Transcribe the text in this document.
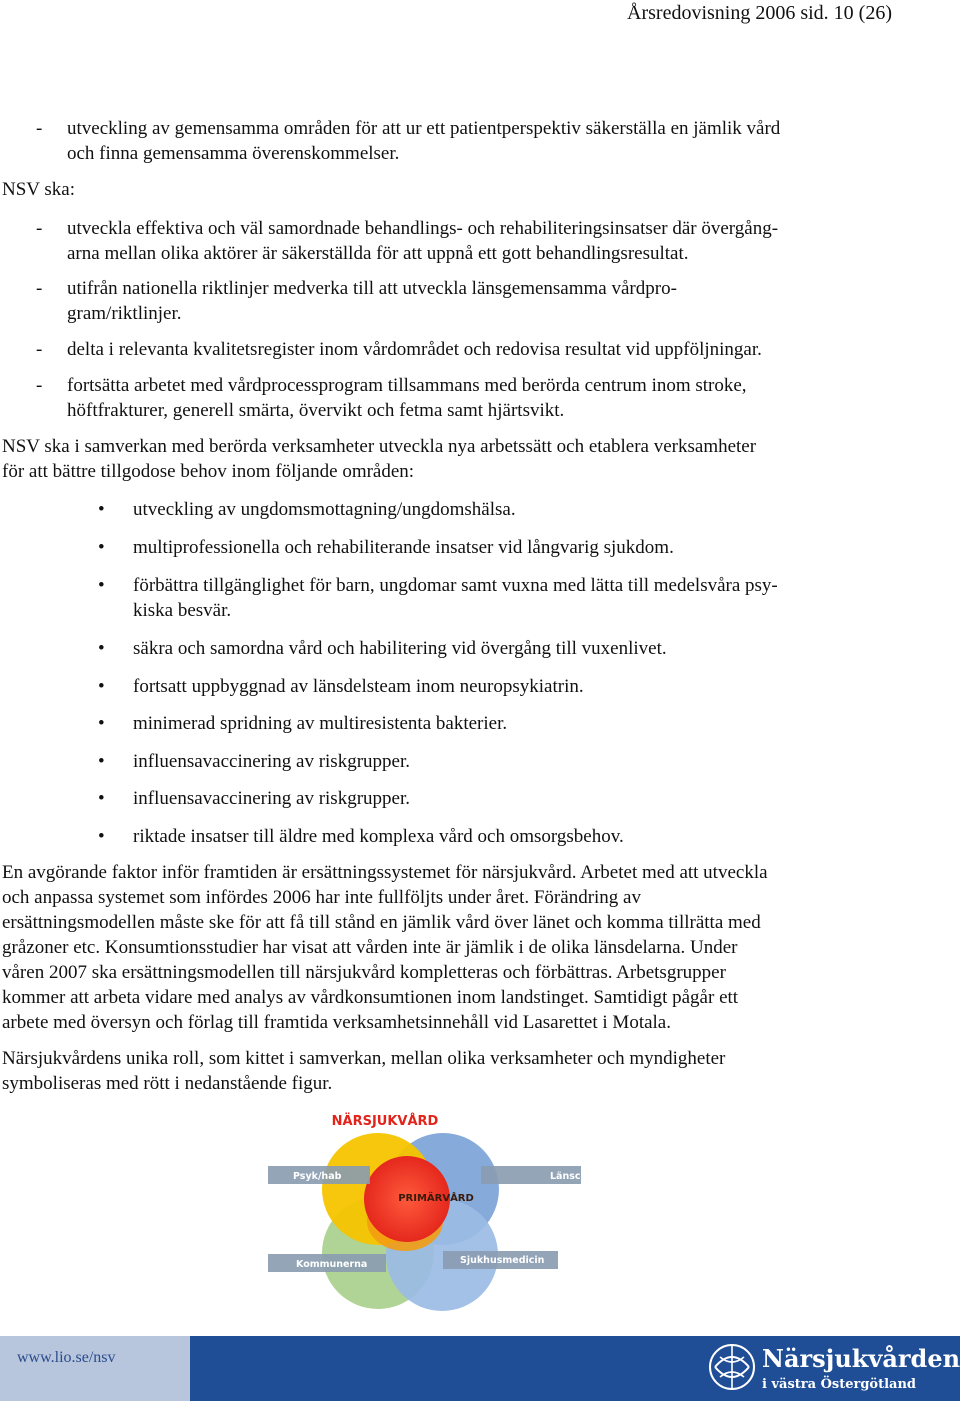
Årsredovisning 2006 sid. 10 (26)
- utveckling av gemensamma områden för att ur ett patientperspektiv säkerställa en jämlik vård
och finna gemensamma överenskommelser.
NSV ska:
- utveckla effektiva och väl samordnade behandlings- och rehabiliteringsinsatser där övergång-
arna mellan olika aktörer är säkerställda för att uppnå ett gott behandlingsresultat.
- utifrån nationella riktlinjer medverka till att utveckla länsgemensamma vårdpro-
gram/riktlinjer.
- delta i relevanta kvalitetsregister inom vårdområdet och redovisa resultat vid uppföljningar.
- fortsätta arbetet med vårdprocessprogram tillsammans med berörda centrum inom stroke,
höftfrakturer, generell smärta, övervikt och fetma samt hjärtsvikt.
NSV ska i samverkan med berörda verksamheter utveckla nya arbetssätt och etablera verksamheter
för att bättre tillgodose behov inom följande områden:
• utveckling av ungdomsmottagning/ungdomshälsa.
• multiprofessionella och rehabiliterande insatser vid långvarig sjukdom.
• förbättra tillgänglighet för barn, ungdomar samt vuxna med lätta till medelsvåra psy-
kiska besvär.
• säkra och samordna vård och habilitering vid övergång till vuxenlivet.
• fortsatt uppbyggnad av länsdelsteam inom neuropsykiatrin.
• minimerad spridning av multiresistenta bakterier.
• influensavaccinering av riskgrupper.
• influensavaccinering av riskgrupper.
• riktade insatser till äldre med komplexa vård och omsorgsbehov.
En avgörande faktor inför framtiden är ersättningssystemet för närsjukvård. Arbetet med att utveckla
och anpassa systemet som infördes 2006 har inte fullföljts under året. Förändring av
ersättningsmodellen måste ske för att få till stånd en jämlik vård över länet och komma tillrätta med
gråzoner etc. Konsumtionsstudier har visat att vården inte är jämlik i de olika länsdelarna. Under
våren 2007 ska ersättningsmodellen till närsjukvård kompletteras och förbättras. Arbetsgrupper
kommer att arbeta vidare med analys av vårdkonsumtionen inom landstinget. Samtidigt pågår ett
arbete med översyn och förlag till framtida verksamhetsinnehåll vid Lasarettet i Motala.
Närsjukvårdens unika roll, som kittet i samverkan, mellan olika verksamheter och myndigheter
symboliseras med rött i nedanstående figur.
NÄRSJUKVÅRD
PRIMÄRVÅRD
Psyk/hab	Länscentra
Kommunerna	Sjukhusmedicin
www.lio.se/nsv	Närsjukvården
i västra Östergötland
